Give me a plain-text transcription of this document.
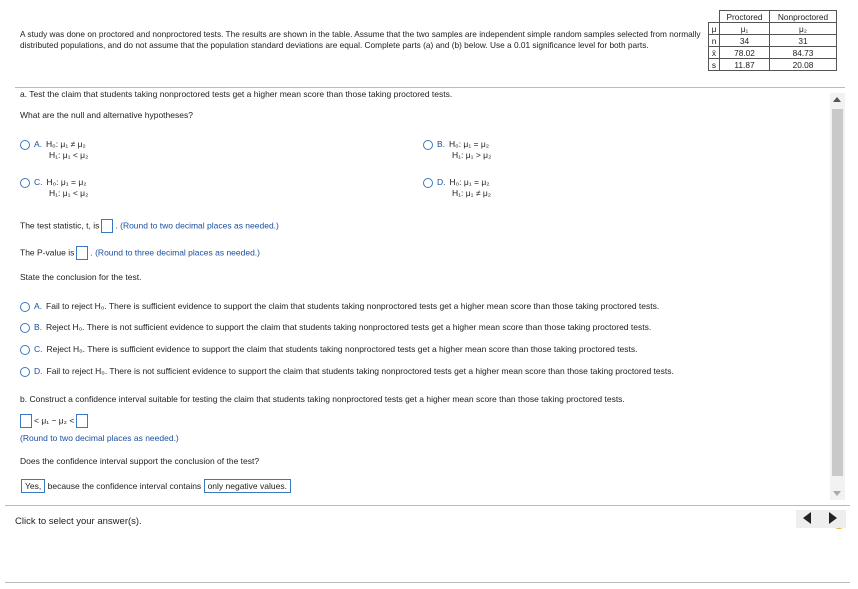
A study was done on proctored and nonproctored tests. The results are shown in the table. Assume that the two samples are independent simple random samples selected from normally distributed populations, and do not assume that the population standard deviations are equal. Complete parts (a) and (b) below. Use a 0.01 significance level for both parts.
	Proctored	Nonproctored
μ	μ₁	μ₂
n	34	31
x̄	78.02	84.73
s	11.87	20.08
a. Test the claim that students taking nonproctored tests get a higher mean score than those taking proctored tests.
What are the null and alternative hypotheses?
A. H₀: μ₁ ≠ μ₂
H₁: μ₁ < μ₂
B. H₀: μ₁ = μ₂
H₁: μ₁ > μ₂
C. H₀: μ₁ = μ₂
H₁: μ₁ < μ₂
D. H₀: μ₁ = μ₂
H₁: μ₁ ≠ μ₂
The test statistic, t, is . (Round to two decimal places as needed.)
The P-value is . (Round to three decimal places as needed.)
State the conclusion for the test.
A. Fail to reject H₀. There is sufficient evidence to support the claim that students taking nonproctored tests get a higher mean score than those taking proctored tests.
B. Reject H₀. There is not sufficient evidence to support the claim that students taking nonproctored tests get a higher mean score than those taking proctored tests.
C. Reject H₀. There is sufficient evidence to support the claim that students taking nonproctored tests get a higher mean score than those taking proctored tests.
D. Fail to reject H₀. There is not sufficient evidence to support the claim that students taking nonproctored tests get a higher mean score than those taking proctored tests.
b. Construct a confidence interval suitable for testing the claim that students taking nonproctored tests get a higher mean score than those taking proctored tests.
< μ₁ − μ₂ <
(Round to two decimal places as needed.)
Does the confidence interval support the conclusion of the test?
Yes, because the confidence interval contains only negative values.
Click to select your answer(s).
